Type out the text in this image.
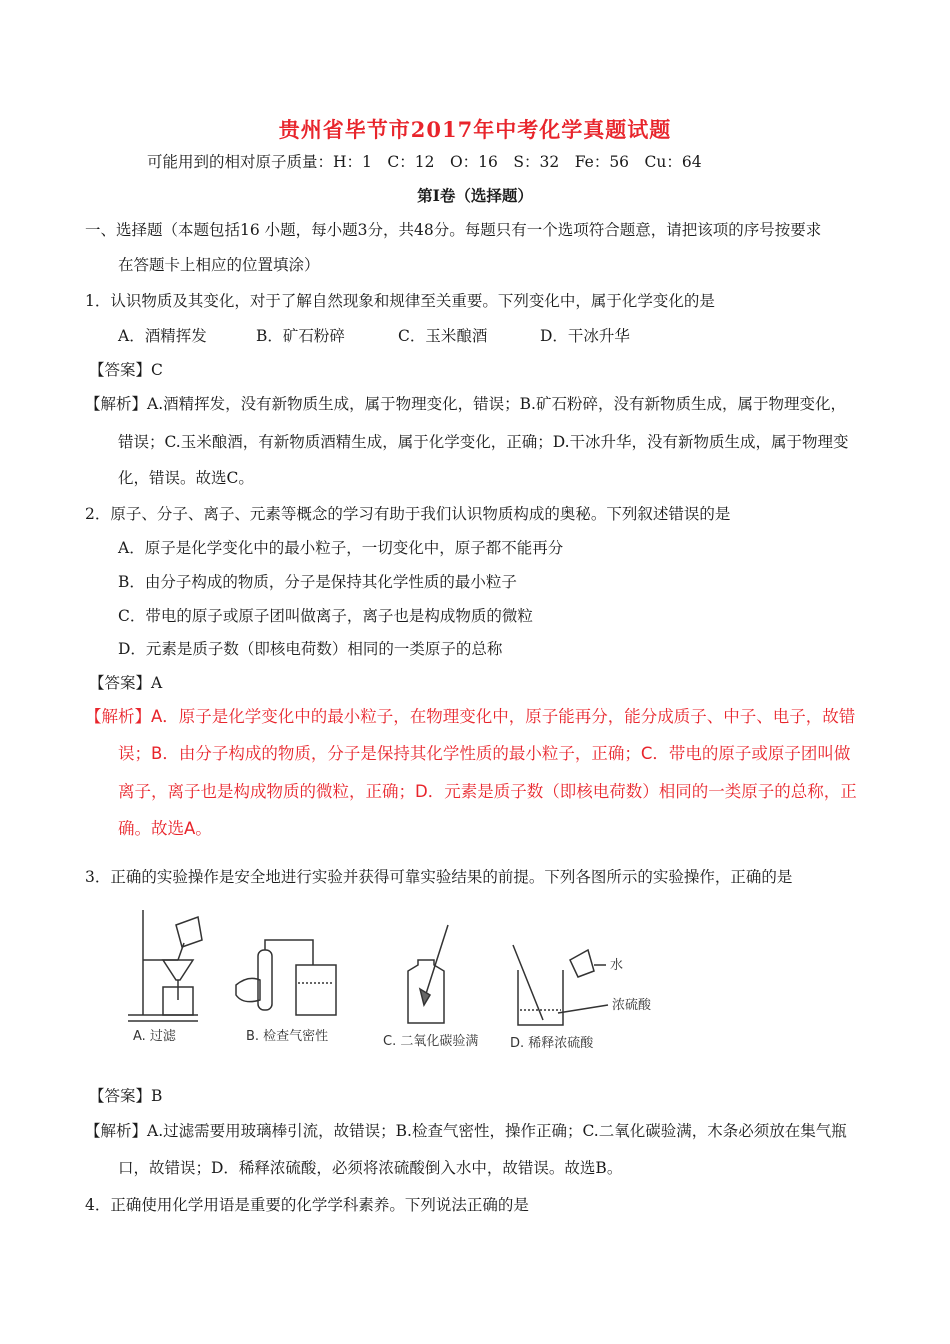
贵州省毕节市2017年中考化学真题试题
可能用到的相对原子质量：H：1　C：12　O：16　S：32　Fe：56　Cu：64
第Ⅰ卷（选择题）
一、选择题（本题包括16 小题，每小题3分，共48分。每题只有一个选项符合题意，请把该项的序号按要求
在答题卡上相应的位置填涂）
1．认识物质及其变化，对于了解自然现象和规律至关重要。下列变化中，属于化学变化的是
A．酒精挥发	B．矿石粉碎	C．玉米酿酒	D．干冰升华
【答案】C
【解析】A.酒精挥发，没有新物质生成，属于物理变化，错误；B.矿石粉碎，没有新物质生成，属于物理变化，
错误；C.玉米酿酒，有新物质酒精生成，属于化学变化，正确；D.干冰升华，没有新物质生成，属于物理变
化，错误。故选C。
2．原子、分子、离子、元素等概念的学习有助于我们认识物质构成的奥秘。下列叙述错误的是
A．原子是化学变化中的最小粒子，一切变化中，原子都不能再分
B．由分子构成的物质，分子是保持其化学性质的最小粒子
C．带电的原子或原子团叫做离子，离子也是构成物质的微粒
D．元素是质子数（即核电荷数）相同的一类原子的总称
【答案】A
【解析】A．原子是化学变化中的最小粒子，在物理变化中，原子能再分，能分成质子、中子、电子，故错
误；B．由分子构成的物质，分子是保持其化学性质的最小粒子，正确；C．带电的原子或原子团叫做
离子，离子也是构成物质的微粒，正确；D．元素是质子数（即核电荷数）相同的一类原子的总称，正
确。故选A。
3．正确的实验操作是安全地进行实验并获得可靠实验结果的前提。下列各图所示的实验操作，正确的是
A. 过滤	B. 检查气密性	C. 二氧化碳验满
水
浓硫酸
D. 稀释浓硫酸
【答案】B
【解析】A.过滤需要用玻璃棒引流，故错误；B.检查气密性，操作正确；C.二氧化碳验满，木条必须放在集气瓶
口，故错误；D．稀释浓硫酸，必须将浓硫酸倒入水中，故错误。故选B。
4．正确使用化学用语是重要的化学学科素养。下列说法正确的是
